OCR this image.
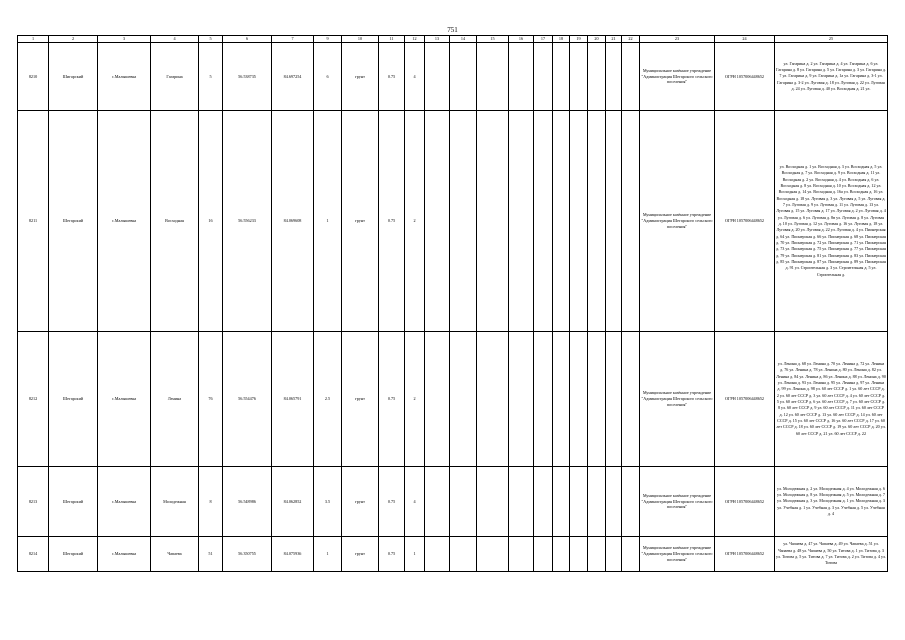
751
1	2	3	4	5	6	7	9	10	11	12	13	14	15	16	17	18	19	20	21	22	23	24	25
8210	Шигарский	с.Малышевка	Гагарина	5	56.538735	84.697254	6	грунт	0.75	4											Муниципальное казённое учреждение "Администрация Шегарского сельского поселения"	ОГРН 1057006448652	ул. Гагарина д. 2 ул. Гагарина д. 4 ул. Гагарина д. 6 ул. Гагарина д. 8 ул. Гагарина д. 5 ул. Гагарина д. 3 ул. Гагарина д. 7 ул. Гагарина д. 9 ул. Гагарина д. 1а ул. Гагарина д. 3-1 ул. Гагарина д. 3-2 ул. Луговая д. 18 ул. Луговая д. 22 ул. Луговая д. 24 ул. Луговая д. 40 ул. Восходная д. 21 ул.
8211	Шегарский	с.Малышевка	Восходная	16	56.556233	84.069608	1	грунт	0.75	2											Муниципальное казённое учреждение "Администрация Шегарского сельского поселения"	ОГРН 1057006448652	ул. Восходная д. 1 ул. Восходная д. 3 ул. Восходная д. 5 ул. Восходная д. 7 ул. Восходная д. 9 ул. Восходная д. 11 ул. Восходная д. 2 ул. Восходная д. 4 ул. Восходная д. 6 ул. Восходная д. 8 ул. Восходная д. 10 ул. Восходная д. 12 ул. Восходная д. 14 ул. Восходная д. 16а ул. Восходная д. 16 ул. Восходная д. 18 ул. Луговая д. 3 ул. Луговая д. 5 ул. Луговая д. 7 ул. Луговая д. 9 ул. Луговая д. 11 ул. Луговая д. 13 ул. Луговая д. 15 ул. Луговая д. 17 ул. Луговая д. 2 ул. Луговая д. 4 ул. Луговая д. 6 ул. Луговая д. 8в ул. Луговая д. 8 ул. Луговая д. 10 ул. Луговая д. 12 ул. Луговая д. 16 ул. Луговая д. 18 ул. Луговая д. 20 ул. Луговая д. 22 ул. Луговая д. 4 ул. Пионерская д. 64 ул. Пионерская д. 66 ул. Пионерская д. 68 ул. Пионерская д. 70 ул. Пионерская д. 72 ул. Пионерская д. 71 ул. Пионерская д. 73 ул. Пионерская д. 75 ул. Пионерская д. 77 ул. Пионерская д. 79 ул. Пионерская д. 81 ул. Пионерская д. 83 ул. Пионерская д. 85 ул. Пионерская д. 87 ул. Пионерская д. 89 ул. Пионерская д. 91 ул. Строительная д. 3 ул. Строительная д. 5 ул. Строительная д.
8212	Шегарский	с.Малышевка	Ленина	76	56.554476	84.065791	2.5	грунт	0.75	2											Муниципальное казённое учреждение "Администрация Шегарского сельского поселения"	ОГРН 1057006448652	ул. Ленина д. 68 ул. Ленина д. 70 ул. Ленина д. 72 ул. Ленина д. 76 ул. Ленина д. 78 ул. Ленина д. 80 ул. Ленина д. 82 ул. Ленина д. 84 ул. Ленина д. 86 ул. Ленина д. 88 ул. Ленина д. 90 ул. Ленина д. 93 ул. Ленина д. 95 ул. Ленина д. 97 ул. Ленина д. 99 ул. Ленина д. 98 ул. 60 лет СССР д. 1 ул. 60 лет СССР д. 2 ул. 60 лет СССР д. 3 ул. 60 лет СССР д. 4 ул. 60 лет СССР д. 5 ул. 60 лет СССР д. 6 ул. 60 лет СССР д. 7 ул. 60 лет СССР д. 8 ул. 60 лет СССР д. 9 ул. 60 лет СССР д. 11 ул. 60 лет СССР д. 12 ул. 60 лет СССР д. 13 ул. 60 лет СССР д. 14 ул. 60 лет СССР д. 15 ул. 60 лет СССР д. 16 ул. 60 лет СССР д. 17 ул. 60 лет СССР д. 18 ул. 60 лет СССР д. 19 ул. 60 лет СССР д. 20 ул. 60 лет СССР д. 21 ул. 60 лет СССР д. 22
8213	Шегарский	с.Малышевка	Молодежная	8	56.548986	84.062852	3.5	грунт	0.75	4											Муниципальное казённое учреждение "Администрация Шегарского сельского поселения"	ОГРН 1057006448652	ул. Молодежная д. 2 ул. Молодежная д. 4 ул. Молодежная д. 6 ул. Молодежная д. 8 ул. Молодежная д. 5 ул. Молодежная д. 7 ул. Молодежная д. 3 ул. Молодежная д. 1 ул. Молодежная д. 3 ул. Учебная д. 1 ул. Учебная д. 3 ул. Учебная д. 5 ул. Учебная д. 4
8214	Шегарский	с.Малышевка	Чапаева	51	56.350755	84.075936	1	грунт	0.75	1											Муниципальное казённое учреждение "Администрация Шегарского сельского поселения"	ОГРН 1057006448652	ул. Чапаева д. 47 ул. Чапаева д. 49 ул. Чапаева д. 51 ул. Чапаева д. 48 ул. Чапаева д. 50 ул. Титова д. 1 ул. Титова д. 3 ул. Титова д. 5 ул. Титова д. 7 ул. Титова д. 2 ул. Титова д. 4 ул. Титова
